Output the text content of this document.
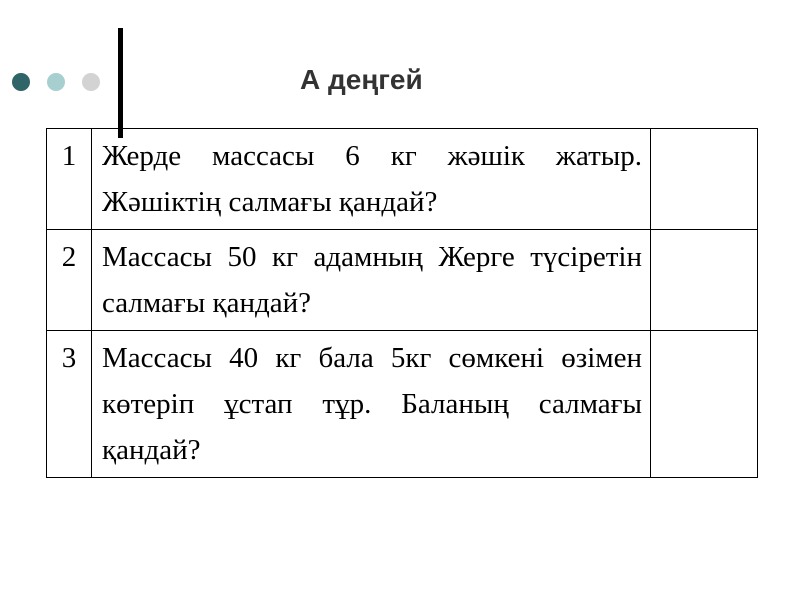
А деңгей
1	Жерде массасы 6 кг жәшік жатыр. Жәшіктің салмағы қандай?	
2	Массасы 50 кг адамның Жерге түсіретін салмағы қандай?	
3	Массасы 40 кг бала 5кг сөмкені өзімен көтеріп ұстап тұр. Баланың салмағы қандай?	
